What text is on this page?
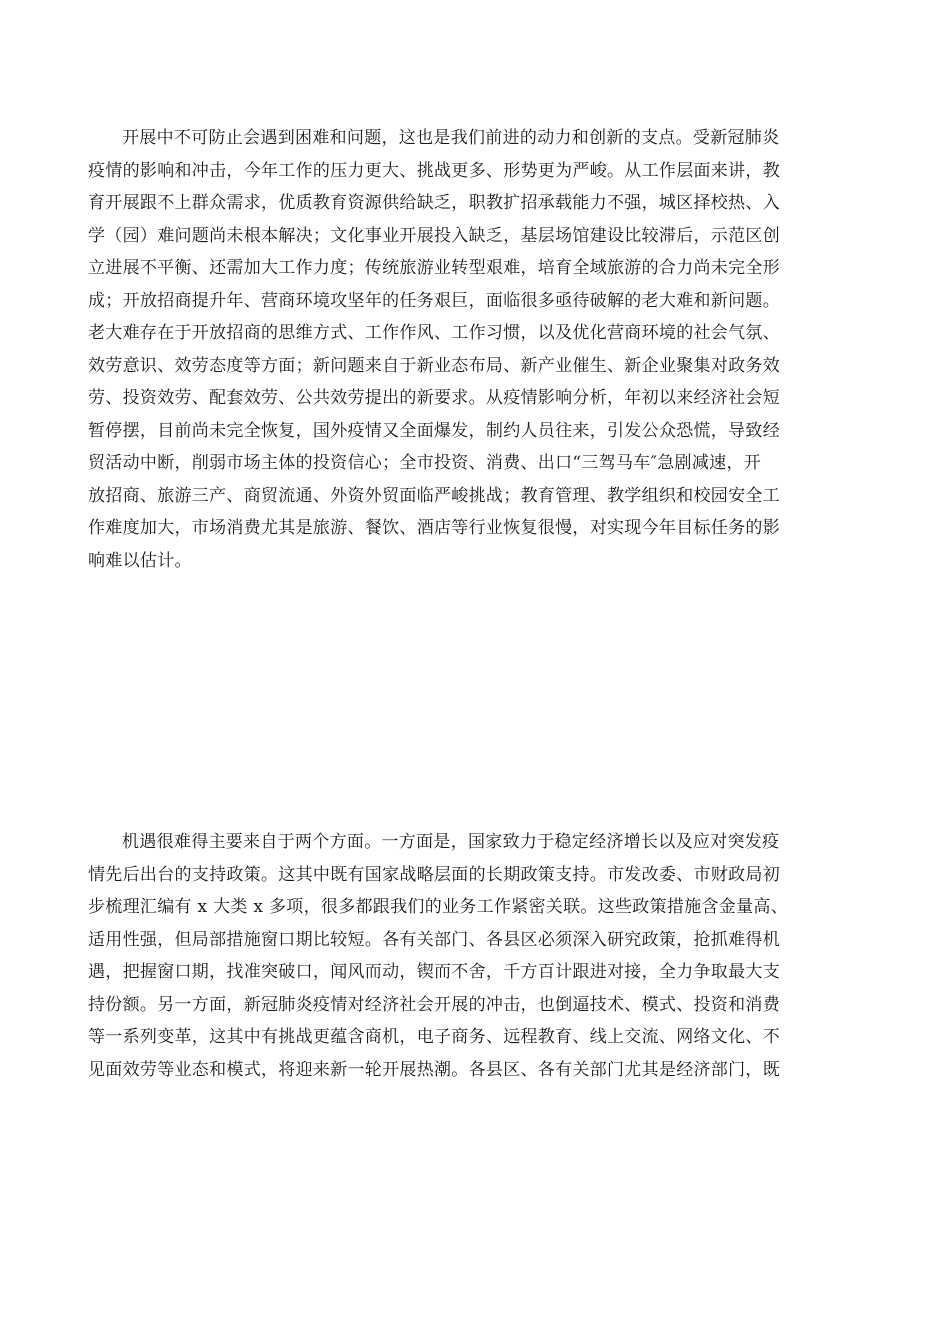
开展中不可防止会遇到困难和问题，这也是我们前进的动力和创新的支点。受新冠肺炎
疫情的影响和冲击，今年工作的压力更大、挑战更多、形势更为严峻。从工作层面来讲，教
育开展跟不上群众需求，优质教育资源供给缺乏，职教扩招承载能力不强，城区择校热、入
学（园）难问题尚未根本解决；文化事业开展投入缺乏，基层场馆建设比较滞后，示范区创
立进展不平衡、还需加大工作力度；传统旅游业转型艰难，培育全域旅游的合力尚未完全形
成；开放招商提升年、营商环境攻坚年的任务艰巨，面临很多亟待破解的老大难和新问题。
老大难存在于开放招商的思维方式、工作作风、工作习惯，以及优化营商环境的社会气氛、
效劳意识、效劳态度等方面；新问题来自于新业态布局、新产业催生、新企业聚集对政务效
劳、投资效劳、配套效劳、公共效劳提出的新要求。从疫情影响分析，年初以来经济社会短
暂停摆，目前尚未完全恢复，国外疫情又全面爆发，制约人员往来，引发公众恐慌，导致经
贸活动中断，削弱市场主体的投资信心；全市投资、消费、出口“三驾马车″急剧减速，开
放招商、旅游三产、商贸流通、外资外贸面临严峻挑战；教育管理、教学组织和校园安全工
作难度加大，市场消费尤其是旅游、餐饮、酒店等行业恢复很慢，对实现今年目标任务的影
响难以估计。
机遇很难得主要来自于两个方面。一方面是，国家致力于稳定经济增长以及应对突发疫
情先后出台的支持政策。这其中既有国家战略层面的长期政策支持。市发改委、市财政局初
步梳理汇编有 x 大类 x 多项，很多都跟我们的业务工作紧密关联。这些政策措施含金量高、
适用性强，但局部措施窗口期比较短。各有关部门、各县区必须深入研究政策，抢抓难得机
遇，把握窗口期，找准突破口，闻风而动，锲而不舍，千方百计跟进对接，全力争取最大支
持份额。另一方面，新冠肺炎疫情对经济社会开展的冲击，也倒逼技术、模式、投资和消费
等一系列变革，这其中有挑战更蕴含商机，电子商务、远程教育、线上交流、网络文化、不
见面效劳等业态和模式，将迎来新一轮开展热潮。各县区、各有关部门尤其是经济部门，既
